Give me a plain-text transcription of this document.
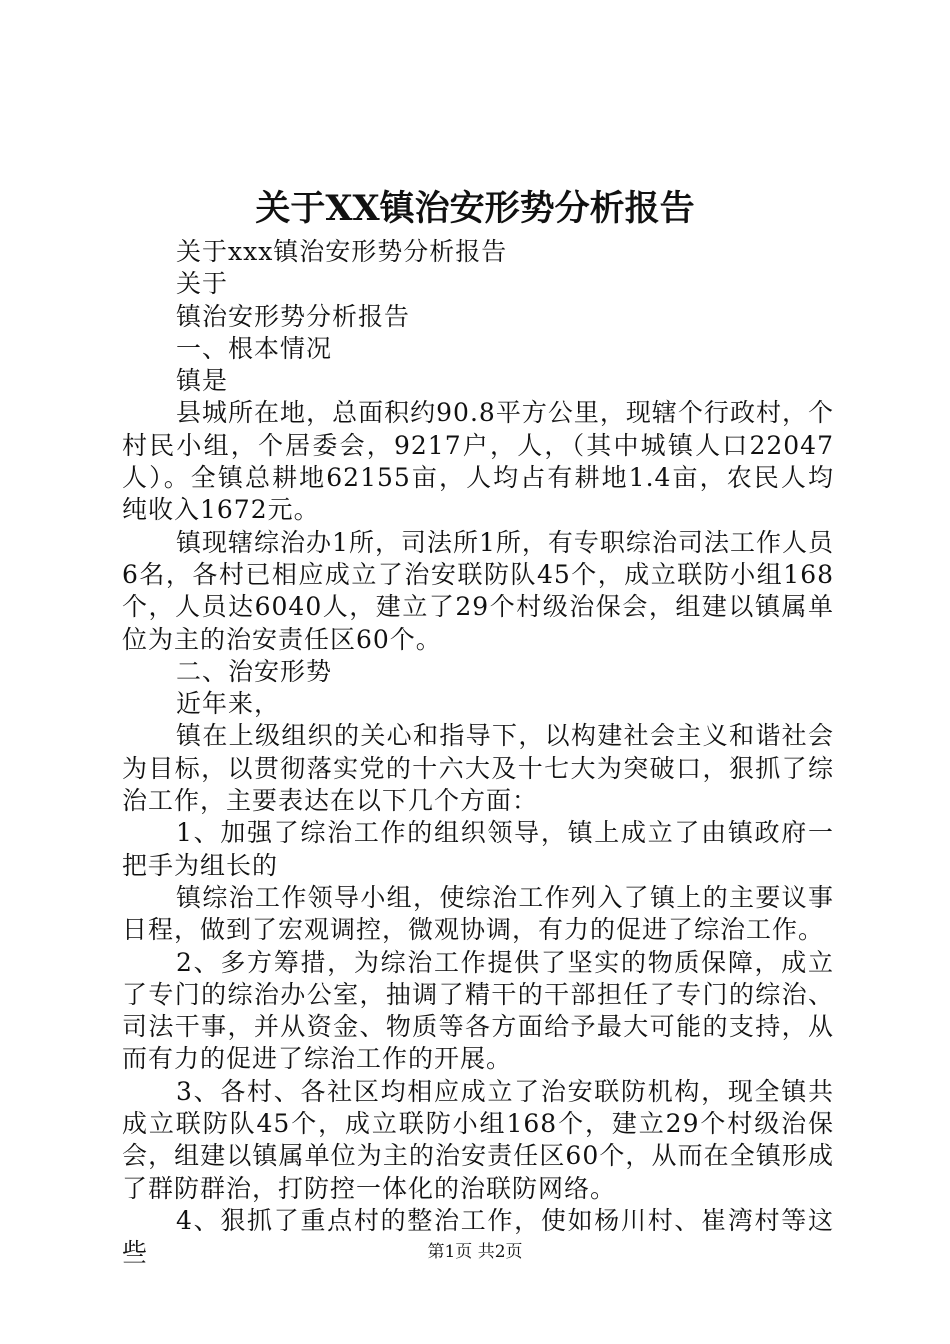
关于XX镇治安形势分析报告

关于xxx镇治安形势分析报告

关于

镇治安形势分析报告

一、根本情况

镇是

县城所在地，总面积约90.8平方公里，现辖个行政村，个村民小组，个居委会，9217户，人，（其中城镇人口22047人）。全镇总耕地62155亩，人均占有耕地1.4亩，农民人均纯收入1672元。

镇现辖综治办1所，司法所1所，有专职综治司法工作人员6名，各村已相应成立了治安联防队45个，成立联防小组168个，人员达6040人，建立了29个村级治保会，组建以镇属单位为主的治安责任区60个。

二、治安形势

近年来，

镇在上级组织的关心和指导下，以构建社会主义和谐社会为目标，以贯彻落实党的十六大及十七大为突破口，狠抓了综治工作，主要表达在以下几个方面：

1、加强了综治工作的组织领导，镇上成立了由镇政府一把手为组长的

镇综治工作领导小组，使综治工作列入了镇上的主要议事日程，做到了宏观调控，微观协调，有力的促进了综治工作。

2、多方筹措，为综治工作提供了坚实的物质保障，成立了专门的综治办公室，抽调了精干的干部担任了专门的综治、司法干事，并从资金、物质等各方面给予最大可能的支持，从而有力的促进了综治工作的开展。

3、各村、各社区均相应成立了治安联防机构，现全镇共成立联防队45个，成立联防小组168个，建立29个村级治保会，组建以镇属单位为主的治安责任区60个，从而在全镇形成了群防群治，打防控一体化的治联防网络。

4、狠抓了重点村的整治工作，使如杨川村、崔湾村等这些	第1页 共2页
